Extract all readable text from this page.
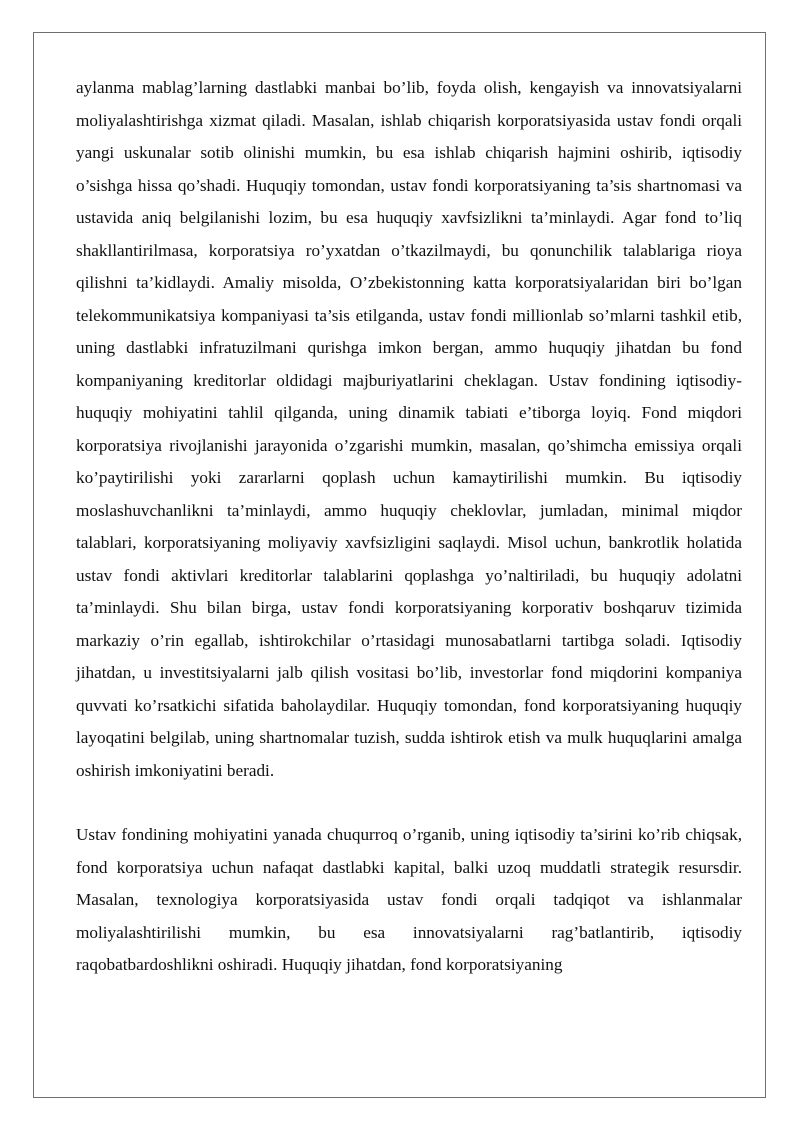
aylanma mablag’larning dastlabki manbai bo’lib, foyda olish, kengayish va innovatsiyalarni moliyalashtirishga xizmat qiladi. Masalan, ishlab chiqarish korporatsiyasida ustav fondi orqali yangi uskunalar sotib olinishi mumkin, bu esa ishlab chiqarish hajmini oshirib, iqtisodiy o’sishga hissa qo’shadi. Huquqiy tomondan, ustav fondi korporatsiyaning ta’sis shartnomasi va ustavida aniq belgilanishi lozim, bu esa huquqiy xavfsizlikni ta’minlaydi. Agar fond to’liq shakllantirilmasa, korporatsiya ro’yxatdan o’tkazilmaydi, bu qonunchilik talablariga rioya qilishni ta’kidlaydi. Amaliy misolda, O’zbekistonning katta korporatsiyalaridan biri bo’lgan telekommunikatsiya kompaniyasi ta’sis etilganda, ustav fondi millionlab so’mlarni tashkil etib, uning dastlabki infratuzilmani qurishga imkon bergan, ammo huquqiy jihatdan bu fond kompaniyaning kreditorlar oldidagi majburiyatlarini cheklagan. Ustav fondining iqtisodiy-huquqiy mohiyatini tahlil qilganda, uning dinamik tabiati e’tiborga loyiq. Fond miqdori korporatsiya rivojlanishi jarayonida o’zgarishi mumkin, masalan, qo’shimcha emissiya orqali ko’paytirilishi yoki zararlarni qoplash uchun kamaytirilishi mumkin. Bu iqtisodiy moslashuvchanlikni ta’minlaydi, ammo huquqiy cheklovlar, jumladan, minimal miqdor talablari, korporatsiyaning moliyaviy xavfsizligini saqlaydi. Misol uchun, bankrotlik holatida ustav fondi aktivlari kreditorlar talablarini qoplashga yo’naltiriladi, bu huquqiy adolatni ta’minlaydi. Shu bilan birga, ustav fondi korporatsiyaning korporativ boshqaruv tizimida markaziy o’rin egallab, ishtirokchilar o’rtasidagi munosabatlarni tartibga soladi. Iqtisodiy jihatdan, u investitsiyalarni jalb qilish vositasi bo’lib, investorlar fond miqdorini kompaniya quvvati ko’rsatkichi sifatida baholaydilar. Huquqiy tomondan, fond korporatsiyaning huquqiy layoqatini belgilab, uning shartnomalar tuzish, sudda ishtirok etish va mulk huquqlarini amalga oshirish imkoniyatini beradi.

Ustav fondining mohiyatini yanada chuqurroq o’rganib, uning iqtisodiy ta’sirini ko’rib chiqsak, fond korporatsiya uchun nafaqat dastlabki kapital, balki uzoq muddatli strategik resursdir. Masalan, texnologiya korporatsiyasida ustav fondi orqali tadqiqot va ishlanmalar moliyalashtirilishi mumkin, bu esa innovatsiyalarni rag’batlantirib, iqtisodiy raqobatbardoshlikni oshiradi. Huquqiy jihatdan, fond korporatsiyaning
